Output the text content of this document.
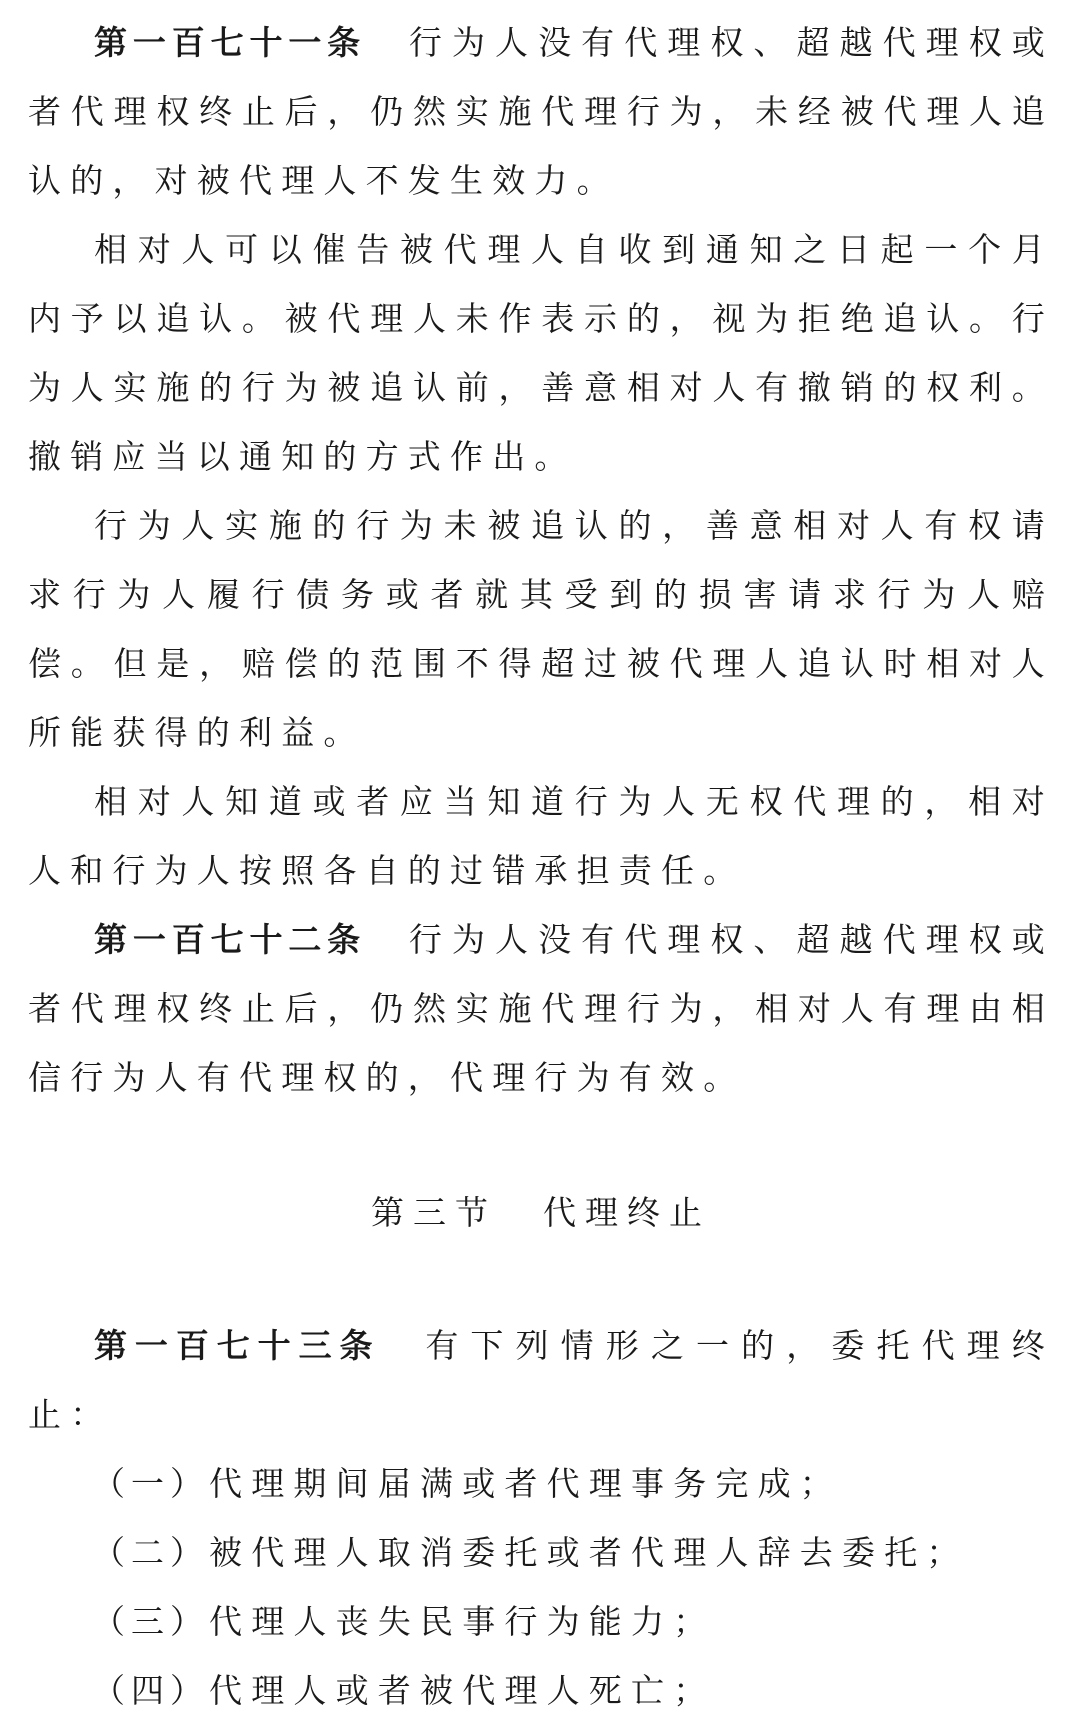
第一百七十一条 行为人没有代理权、超越代理权或者代理权终止后，仍然实施代理行为，未经被代理人追认的，对被代理人不发生效力。

相对人可以催告被代理人自收到通知之日起一个月内予以追认。被代理人未作表示的，视为拒绝追认。行为人实施的行为被追认前，善意相对人有撤销的权利。撤销应当以通知的方式作出。

行为人实施的行为未被追认的，善意相对人有权请求行为人履行债务或者就其受到的损害请求行为人赔偿。但是，赔偿的范围不得超过被代理人追认时相对人所能获得的利益。

相对人知道或者应当知道行为人无权代理的，相对人和行为人按照各自的过错承担责任。

第一百七十二条 行为人没有代理权、超越代理权或者代理权终止后，仍然实施代理行为，相对人有理由相信行为人有代理权的，代理行为有效。

第三节 代理终止

第一百七十三条 有下列情形之一的，委托代理终止：

（一）代理期间届满或者代理事务完成；

（二）被代理人取消委托或者代理人辞去委托；

（三）代理人丧失民事行为能力；

（四）代理人或者被代理人死亡；
